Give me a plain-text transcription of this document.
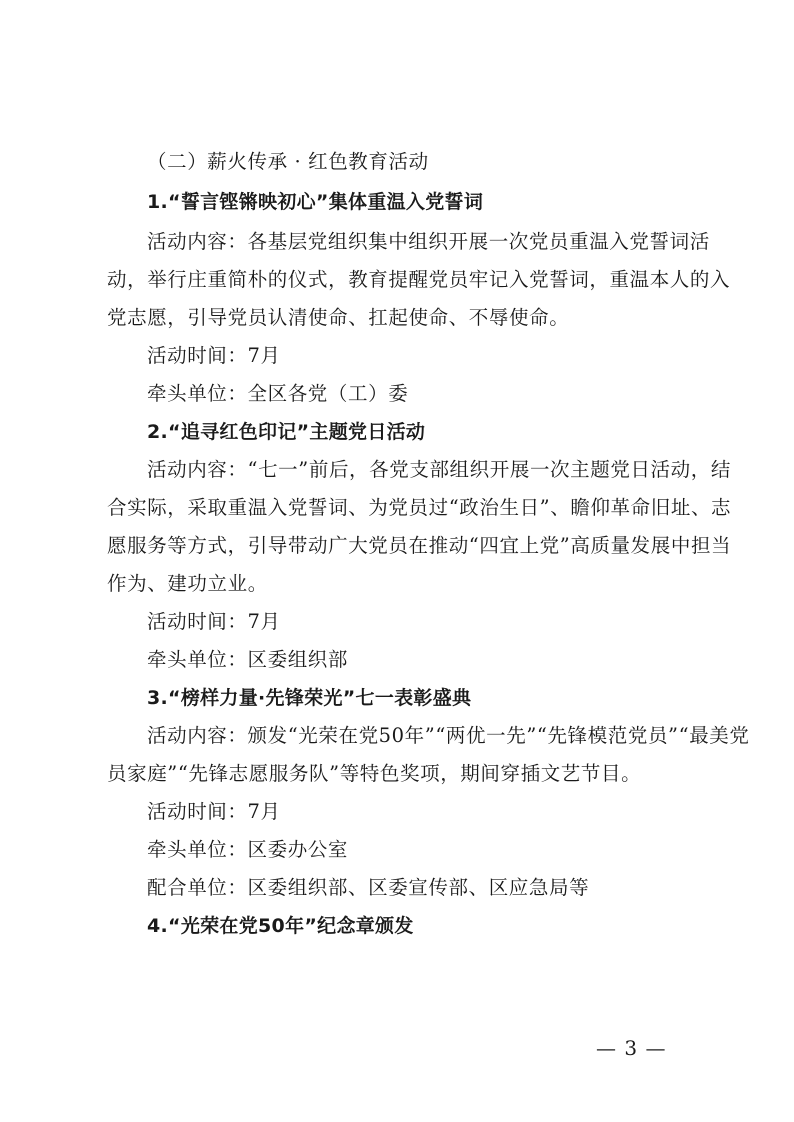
（二）薪火传承 · 红色教育活动
1.“誓言铿锵映初心”集体重温入党誓词
活动内容：各基层党组织集中组织开展一次党员重温入党誓词活
动，举行庄重简朴的仪式，教育提醒党员牢记入党誓词，重温本人的入
党志愿，引导党员认清使命、扛起使命、不辱使命。
活动时间：7月
牵头单位：全区各党（工）委
2.“追寻红色印记”主题党日活动
活动内容：“七一”前后，各党支部组织开展一次主题党日活动，结
合实际，采取重温入党誓词、为党员过“政治生日”、瞻仰革命旧址、志
愿服务等方式，引导带动广大党员在推动“四宜上党”高质量发展中担当
作为、建功立业。
活动时间：7月
牵头单位：区委组织部
3.“榜样力量·先锋荣光”七一表彰盛典
活动内容：颁发“光荣在党50年”“两优一先”“先锋模范党员”“最美党
员家庭”“先锋志愿服务队”等特色奖项，期间穿插文艺节目。
活动时间：7月
牵头单位：区委办公室
配合单位：区委组织部、区委宣传部、区应急局等
4.“光荣在党50年”纪念章颁发
— 3 —
